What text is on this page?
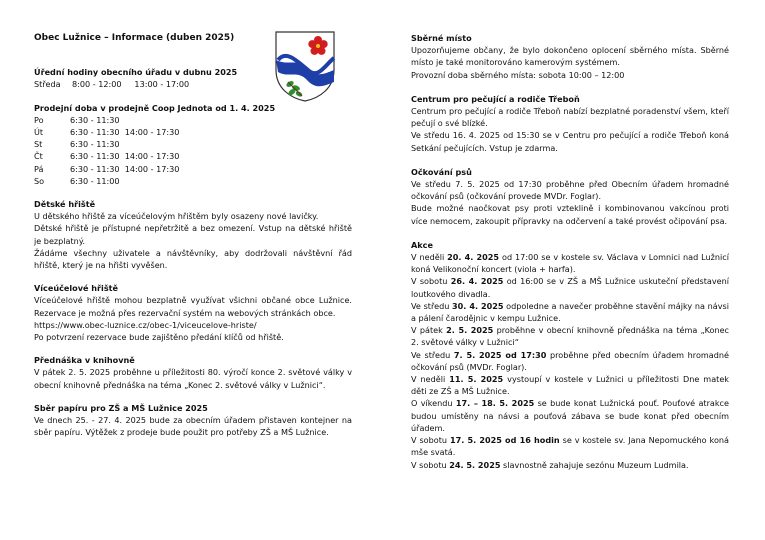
Obec Lužnice – Informace (duben 2025)

Úřední hodiny obecního úřadu v dubnu 2025

Středa	8:00 - 12:00     13:00 - 17:00

Prodejní doba v prodejně Coop Jednota od 1. 4. 2025

Po	6:30 - 11:30
Út	6:30 - 11:30  14:00 - 17:30
St	6:30 - 11:30
Čt	6:30 - 11:30  14:00 - 17:30
Pá	6:30 - 11:30  14:00 - 17:30
So	6:30 - 11:00

Dětské hřiště

U dětského hřiště za víceúčelovým hřištěm byly osazeny nové lavičky.

Dětské hřiště je přístupné nepřetržitě a bez omezení. Vstup na dětské hřiště je bezplatný.

Žádáme všechny uživatele a návštěvníky, aby dodržovali návštěvní řád hřiště, který je na hřišti vyvěšen.

Víceúčelové hřiště

Víceúčelové hřiště mohou bezplatně využívat všichni občané obce Lužnice. Rezervace je možná přes rezervační systém na webových stránkách obce.

https://www.obec-luznice.cz/obec-1/viceucelove-hriste/

Po potvrzení rezervace bude zajištěno předání klíčů od hřiště.

Přednáška v knihovně

V pátek 2. 5. 2025 proběhne u příležitosti 80. výročí konce 2. světové války v obecní knihovně přednáška na téma „Konec 2. světové války v Lužnici“.

Sběr papíru pro ZŠ a MŠ Lužnice 2025

Ve dnech 25. - 27. 4. 2025 bude za obecním úřadem přistaven kontejner na sběr papíru. Výtěžek z prodeje bude použit pro potřeby ZŠ a MŠ Lužnice.

Sběrné místo

Upozorňujeme občany, že bylo dokončeno oplocení sběrného místa. Sběrné místo je také monitorováno kamerovým systémem.

Provozní doba sběrného místa: sobota 10:00 – 12:00

Centrum pro pečující a rodiče Třeboň

Centrum pro pečující a rodiče Třeboň nabízí bezplatné poradenství všem, kteří pečují o své blízké.

Ve středu 16. 4. 2025 od 15:30 se v Centru pro pečující a rodiče Třeboň koná Setkání pečujících. Vstup je zdarma.

Očkování psů

Ve středu 7. 5. 2025 od 17:30 proběhne před Obecním úřadem hromadné očkování psů (očkování provede MVDr. Foglar).

Bude možné naočkovat psy proti vzteklině i kombinovanou vakcínou proti více nemocem, zakoupit přípravky na odčervení a také provést očipování psa.

Akce

V neděli 20. 4. 2025 od 17:00 se v kostele sv. Václava v Lomnici nad Lužnicí koná Velikonoční koncert (viola + harfa).

V sobotu 26. 4. 2025 od 16:00 se v ZŠ a MŠ Lužnice uskuteční představení loutkového divadla.

Ve středu 30. 4. 2025 odpoledne a navečer proběhne stavění májky na návsi a pálení čarodějnic v kempu Lužnice.

V pátek 2. 5. 2025 proběhne v obecní knihovně přednáška na téma „Konec 2. světové války v Lužnici“

Ve středu 7. 5. 2025 od 17:30 proběhne před obecním úřadem hromadné očkování psů (MVDr. Foglar).

V neděli 11. 5. 2025 vystoupí v kostele v Lužnici u příležitosti Dne matek děti ze ZŠ a MŠ Lužnice.

O víkendu 17. – 18. 5. 2025 se bude konat Lužnická pouť. Pouťové atrakce budou umístěny na návsi a pouťová zábava se bude konat před obecním úřadem.

V sobotu 17. 5. 2025 od 16 hodin se v kostele sv. Jana Nepomuckého koná mše svatá.

V sobotu 24. 5. 2025 slavnostně zahajuje sezónu Muzeum Ludmila.
